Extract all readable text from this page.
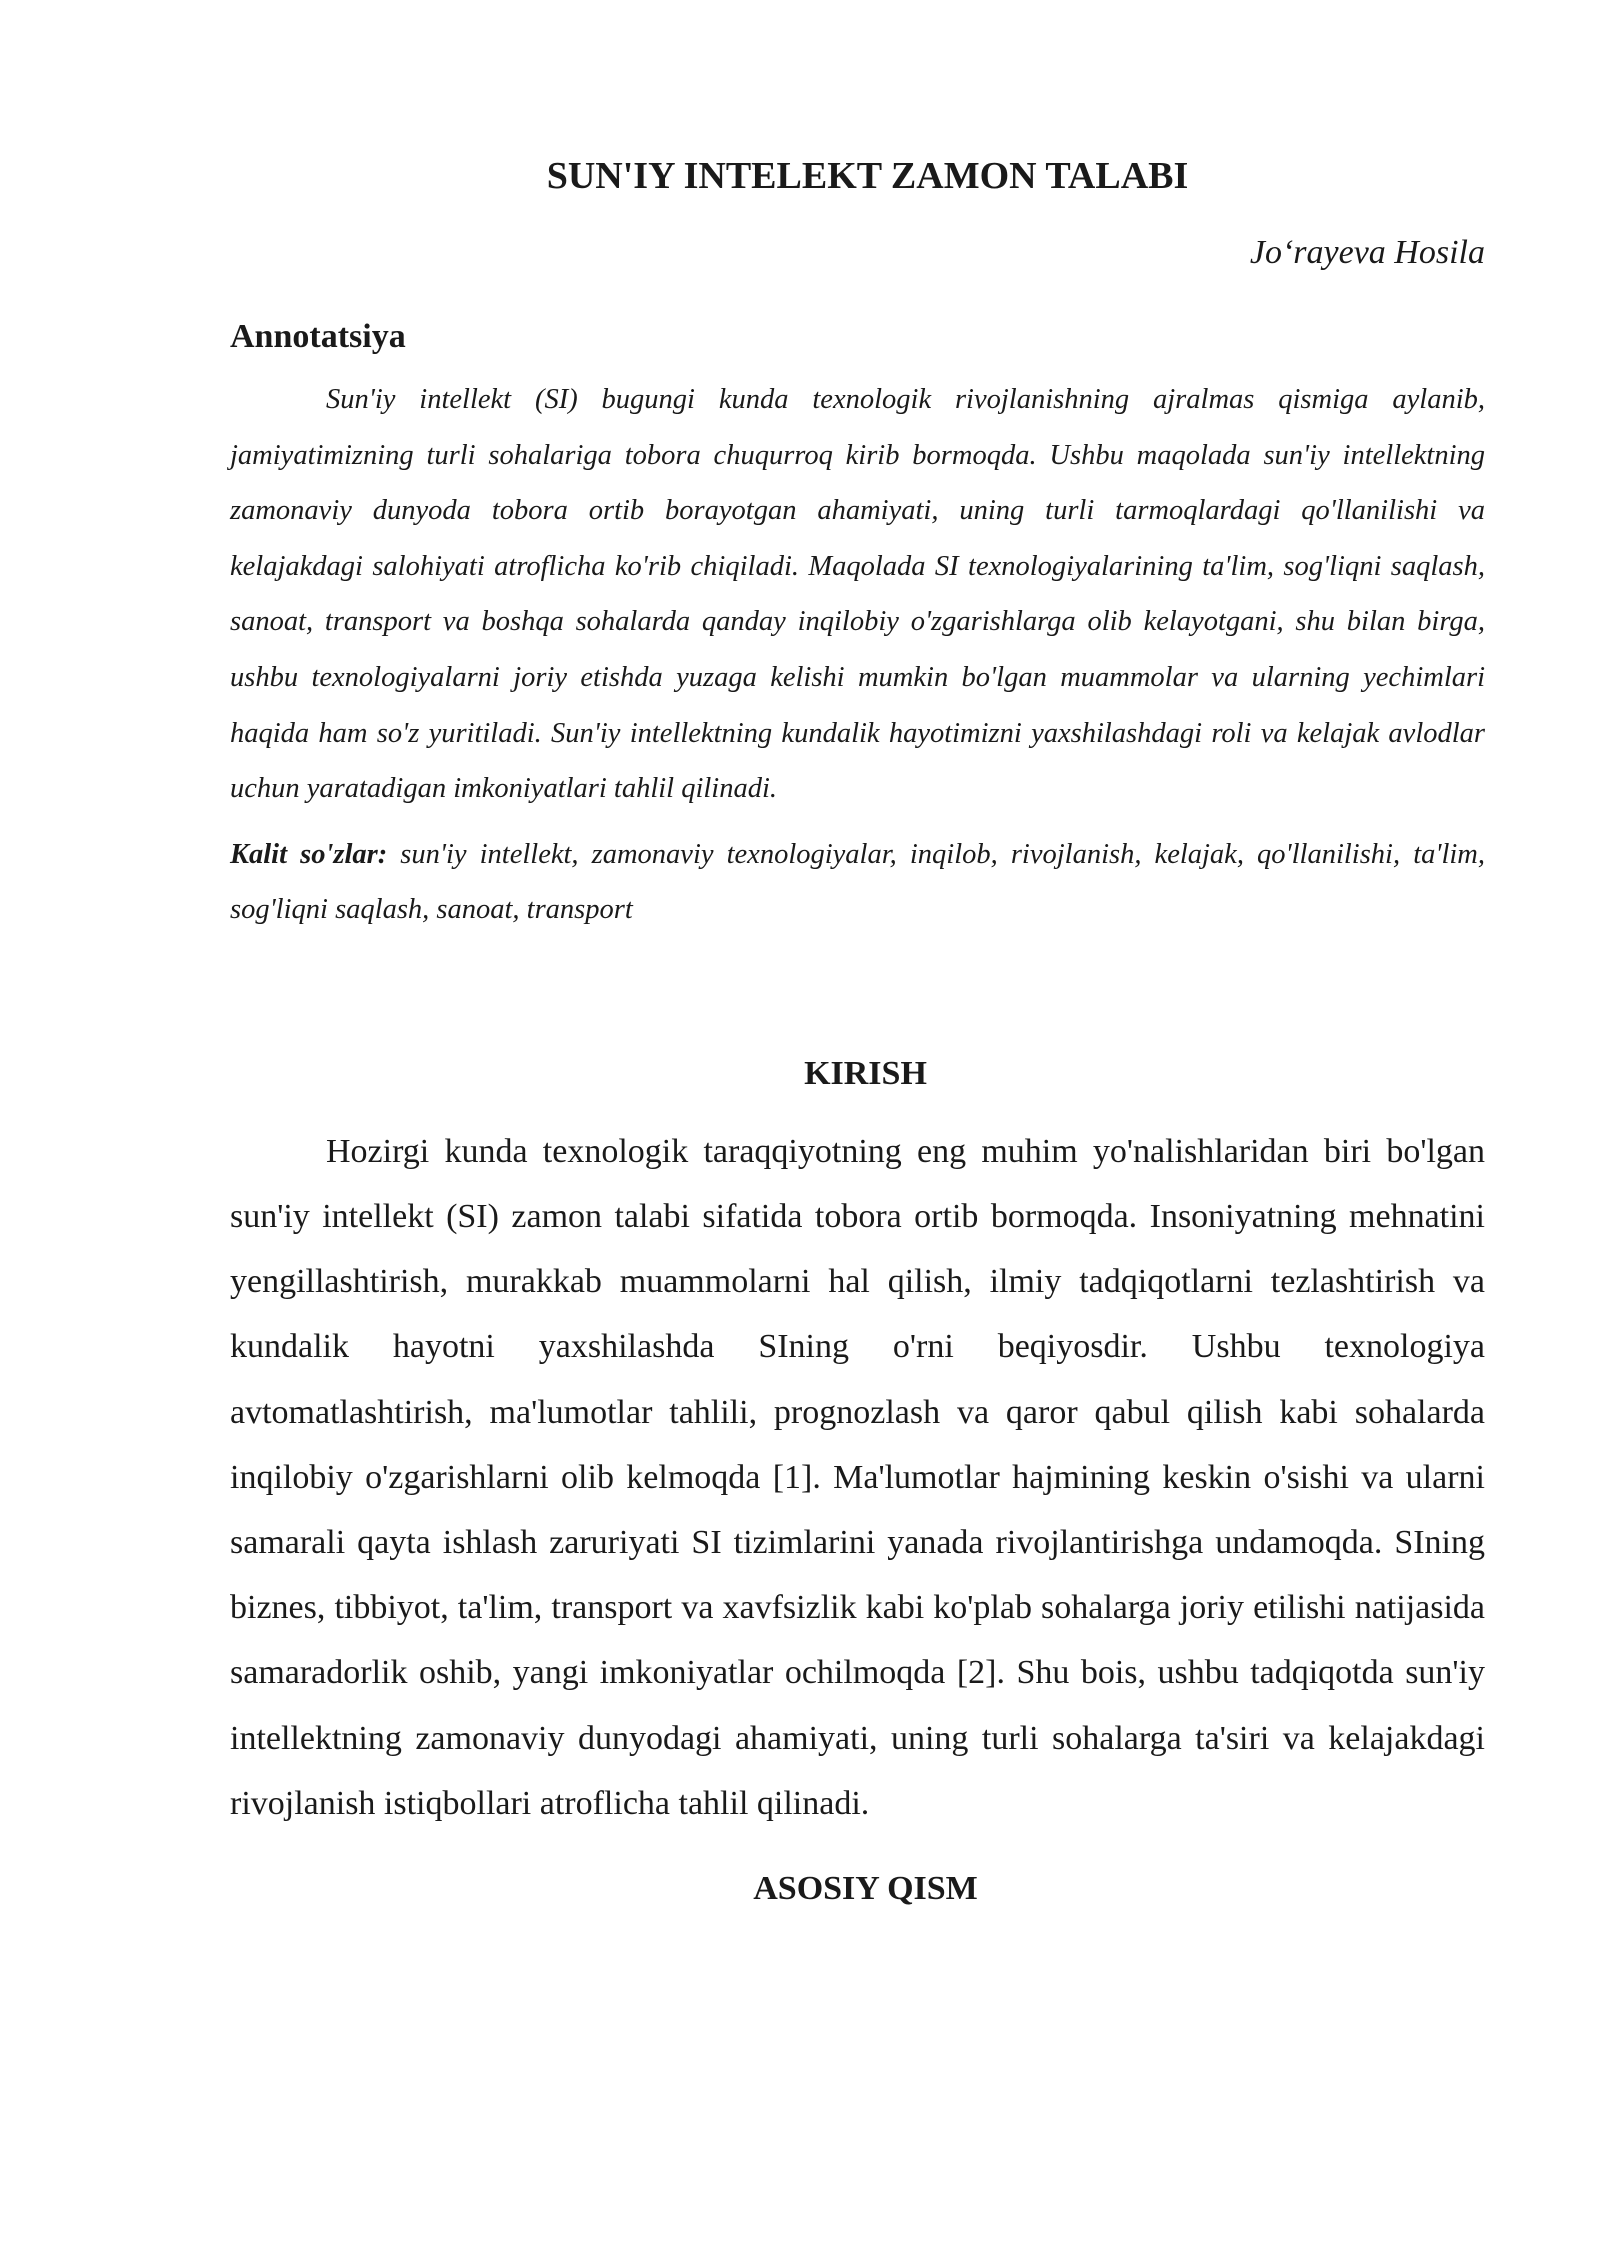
SUN'IY INTELEKT ZAMON TALABI
Jo‘rayeva Hosila
Annotatsiya

Sun'iy intellekt (SI) bugungi kunda texnologik rivojlanishning ajralmas qismiga aylanib, jamiyatimizning turli sohalariga tobora chuqurroq kirib bormoqda. Ushbu maqolada sun'iy intellektning zamonaviy dunyoda tobora ortib borayotgan ahamiyati, uning turli tarmoqlardagi qo'llanilishi va kelajakdagi salohiyati atroflicha ko'rib chiqiladi. Maqolada SI texnologiyalarining ta'lim, sog'liqni saqlash, sanoat, transport va boshqa sohalarda qanday inqilobiy o'zgarishlarga olib kelayotgani, shu bilan birga, ushbu texnologiyalarni joriy etishda yuzaga kelishi mumkin bo'lgan muammolar va ularning yechimlari haqida ham so'z yuritiladi. Sun'iy intellektning kundalik hayotimizni yaxshilashdagi roli va kelajak avlodlar uchun yaratadigan imkoniyatlari tahlil qilinadi.

Kalit so'zlar: sun'iy intellekt, zamonaviy texnologiyalar, inqilob, rivojlanish, kelajak, qo'llanilishi, ta'lim, sog'liqni saqlash, sanoat, transport
KIRISH

Hozirgi kunda texnologik taraqqiyotning eng muhim yo'nalishlaridan biri bo'lgan sun'iy intellekt (SI) zamon talabi sifatida tobora ortib bormoqda. Insoniyatning mehnatini yengillashtirish, murakkab muammolarni hal qilish, ilmiy tadqiqotlarni tezlashtirish va kundalik hayotni yaxshilashda SIning o'rni beqiyosdir. Ushbu texnologiya avtomatlashtirish, ma'lumotlar tahlili, prognozlash va qaror qabul qilish kabi sohalarda inqilobiy o'zgarishlarni olib kelmoqda [1]. Ma'lumotlar hajmining keskin o'sishi va ularni samarali qayta ishlash zaruriyati SI tizimlarini yanada rivojlantirishga undamoqda. SIning biznes, tibbiyot, ta'lim, transport va xavfsizlik kabi ko'plab sohalarga joriy etilishi natijasida samaradorlik oshib, yangi imkoniyatlar ochilmoqda [2]. Shu bois, ushbu tadqiqotda sun'iy intellektning zamonaviy dunyodagi ahamiyati, uning turli sohalarga ta'siri va kelajakdagi rivojlanish istiqbollari atroflicha tahlil qilinadi.

ASOSIY QISM
